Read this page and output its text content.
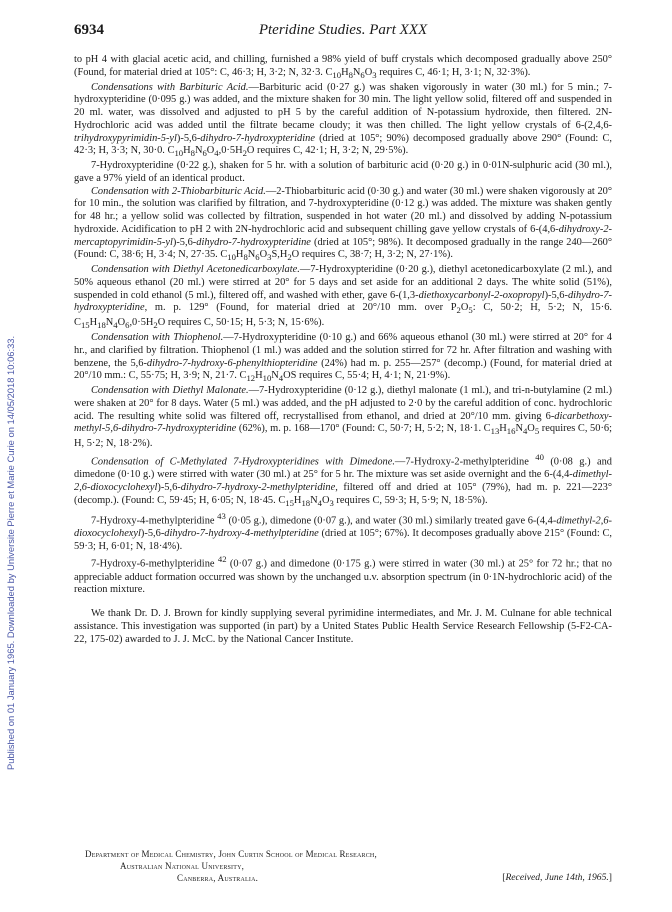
Published on 01 January 1965. Downloaded by Universite Pierre et Marie Curie on 14/05/2018 10:06:33.
6934	Pteridine Studies. Part XXX

to pH 4 with glacial acetic acid, and chilling, furnished a 98% yield of buff crystals which decomposed gradually above 250° (Found, for material dried at 105°: C, 46·3; H, 3·2; N, 32·3. $C_{10}H_8N_6O_3$ requires C, 46·1; H, 3·1; N, 32·3%).

Condensations with Barbituric Acid.—Barbituric acid (0·27 g.) was shaken vigorously in water (30 ml.) for 5 min.; 7-hydroxypteridine (0·095 g.) was added, and the mixture shaken for 30 min. The light yellow solid, filtered off and suspended in 20 ml. water, was dissolved and adjusted to pH 5 by the careful addition of N-potassium hydroxide, then filtered. 2N-Hydrochloric acid was added until the filtrate became cloudy; it was then chilled. The light yellow crystals of 6-(2,4,6-trihydroxypyrimidin-5-yl)-5,6-dihydro-7-hydroxypteridine (dried at 105°; 90%) decomposed gradually above 290° (Found: C, 42·3; H, 3·3; N, 30·0. $C_{10}H_8N_6O_4,0\cdot 5H_2O$ requires C, 42·1; H, 3·2; N, 29·5%).

7-Hydroxypteridine (0·22 g.), shaken for 5 hr. with a solution of barbituric acid (0·20 g.) in 0·01N-sulphuric acid (30 ml.), gave a 97% yield of an identical product.

Condensation with 2-Thiobarbituric Acid.—2-Thiobarbituric acid (0·30 g.) and water (30 ml.) were shaken vigorously at 20° for 10 min., the solution was clarified by filtration, and 7-hydroxypteridine (0·12 g.) was added. The mixture was shaken gently for 48 hr.; a yellow solid was collected by filtration, suspended in hot water (20 ml.) and dissolved by adding N-potassium hydroxide. Acidification to pH 2 with 2N-hydrochloric acid and subsequent chilling gave yellow crystals of 6-(4,6-dihydroxy-2-mercaptopyrimidin-5-yl)-5,6-dihydro-7-hydroxypteridine (dried at 105°; 98%). It decomposed gradually in the range 240—260° (Found: C, 38·6; H, 3·4; N, 27·35. $C_{10}H_8N_6O_3S,H_2O$ requires C, 38·7; H, 3·2; N, 27·1%).

Condensation with Diethyl Acetonedicarboxylate.—7-Hydroxypteridine (0·20 g.), diethyl acetonedicarboxylate (2 ml.), and 50% aqueous ethanol (20 ml.) were stirred at 20° for 5 days and set aside for an additional 2 days. The white solid (51%), suspended in cold ethanol (5 ml.), filtered off, and washed with ether, gave 6-(1,3-diethoxycarbonyl-2-oxopropyl)-5,6-dihydro-7-hydroxypteridine, m. p. 129° (Found, for material dried at 20°/10 mm. over $P_2O_5$: C, 50·2; H, 5·2; N, 15·6. $C_{15}H_{18}N_4O_6,0\cdot 5H_2O$ requires C, 50·15; H, 5·3; N, 15·6%).

Condensation with Thiophenol.—7-Hydroxypteridine (0·10 g.) and 66% aqueous ethanol (30 ml.) were stirred at 20° for 4 hr., and clarified by filtration. Thiophenol (1 ml.) was added and the solution stirred for 72 hr. After filtration and washing with benzene, the 5,6-dihydro-7-hydroxy-6-phenylthiopteridine (24%) had m. p. 255—257° (decomp.) (Found, for material dried at 20°/10 mm.: C, 55·75; H, 3·9; N, 21·7. $C_{12}H_{10}N_4OS$ requires C, 55·4; H, 4·1; N, 21·9%).

Condensation with Diethyl Malonate.—7-Hydroxypteridine (0·12 g.), diethyl malonate (1 ml.), and tri-n-butylamine (2 ml.) were shaken at 20° for 8 days. Water (5 ml.) was added, and the pH adjusted to 2·0 by the careful addition of conc. hydrochloric acid. The resulting white solid was filtered off, recrystallised from ethanol, and dried at 20°/10 mm. giving 6-dicarbethoxy-methyl-5,6-dihydro-7-hydroxypteridine (62%), m. p. 168—170° (Found: C, 50·7; H, 5·2; N, 18·1. $C_{13}H_{16}N_4O_5$ requires C, 50·6; H, 5·2; N, 18·2%).

Condensation of C-Methylated 7-Hydroxypteridines with Dimedone.—7-Hydroxy-2-methylpteridine $^{40}$ (0·08 g.) and dimedone (0·10 g.) were stirred with water (30 ml.) at 25° for 5 hr. The mixture was set aside overnight and the 6-(4,4-dimethyl-2,6-dioxocyclohexyl)-5,6-dihydro-7-hydroxy-2-methylpteridine, filtered off and dried at 105° (79%), had m. p. 221—223° (decomp.). (Found: C, 59·45; H, 6·05; N, 18·45. $C_{15}H_{18}N_4O_3$ requires C, 59·3; H, 5·9; N, 18·5%).

7-Hydroxy-4-methylpteridine $^{43}$ (0·05 g.), dimedone (0·07 g.), and water (30 ml.) similarly treated gave 6-(4,4-dimethyl-2,6-dioxocyclohexyl)-5,6-dihydro-7-hydroxy-4-methylpteridine (dried at 105°; 67%). It decomposes gradually above 215° (Found: C, 59·3; H, 6·01; N, 18·4%).

7-Hydroxy-6-methylpteridine $^{42}$ (0·07 g.) and dimedone (0·175 g.) were stirred in water (30 ml.) at 25° for 72 hr.; that no appreciable adduct formation occurred was shown by the unchanged u.v. absorption spectrum (in 0·1N-hydrochloric acid) of the reaction mixture.

We thank Dr. D. J. Brown for kindly supplying several pyrimidine intermediates, and Mr. J. M. Culnane for able technical assistance. This investigation was supported (in part) by a United States Public Health Service Research Fellowship (5-F2-CA-22, 175-02) awarded to J. J. McC. by the National Cancer Institute.

Department of Medical Chemistry, John Curtin School of Medical Research,
Australian National University,
Canberra, Australia.	[Received, June 14th, 1965.]
